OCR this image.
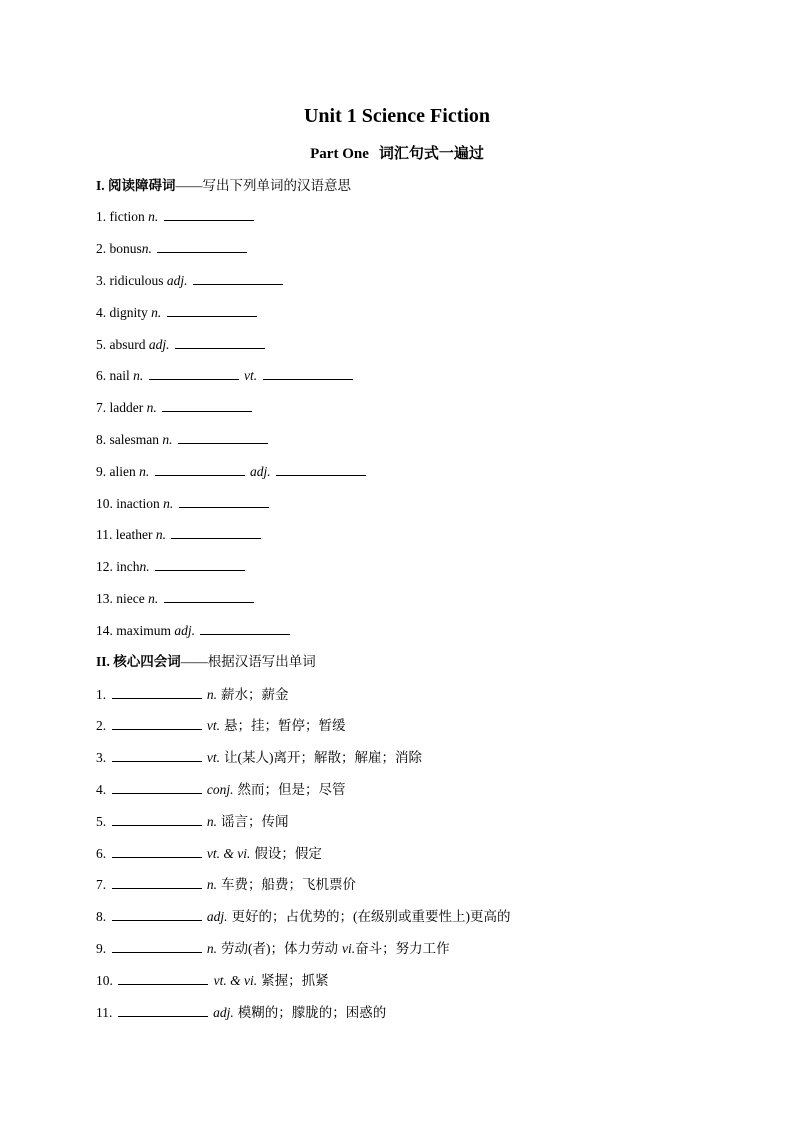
Unit 1 Science Fiction
Part One 词汇句式一遍过
I. 阅读障碍词——写出下列单词的汉语意思
1. fiction n.
2. bonusn.
3. ridiculous adj.
4. dignity n.
5. absurd adj.
6. nail n.	vt.
7. ladder n.
8. salesman n.
9. alien n.	adj.
10. inaction n.
11. leather n.
12. inchn.
13. niece n.
14. maximum adj.
II. 核心四会词——根据汉语写出单词
1.	n. 薪水；薪金
2.	vt. 悬；挂；暂停；暂缓
3.	vt. 让(某人)离开；解散；解雇；消除
4.	conj. 然而；但是；尽管
5.	n. 谣言；传闻
6.	vt. & vi. 假设；假定
7.	n. 车费；船费；飞机票价
8.	adj. 更好的；占优势的；(在级别或重要性上)更高的
9.	n. 劳动(者)；体力劳动 vi.奋斗；努力工作
10.	vt. & vi. 紧握；抓紧
11.	adj. 模糊的；朦胧的；困惑的
